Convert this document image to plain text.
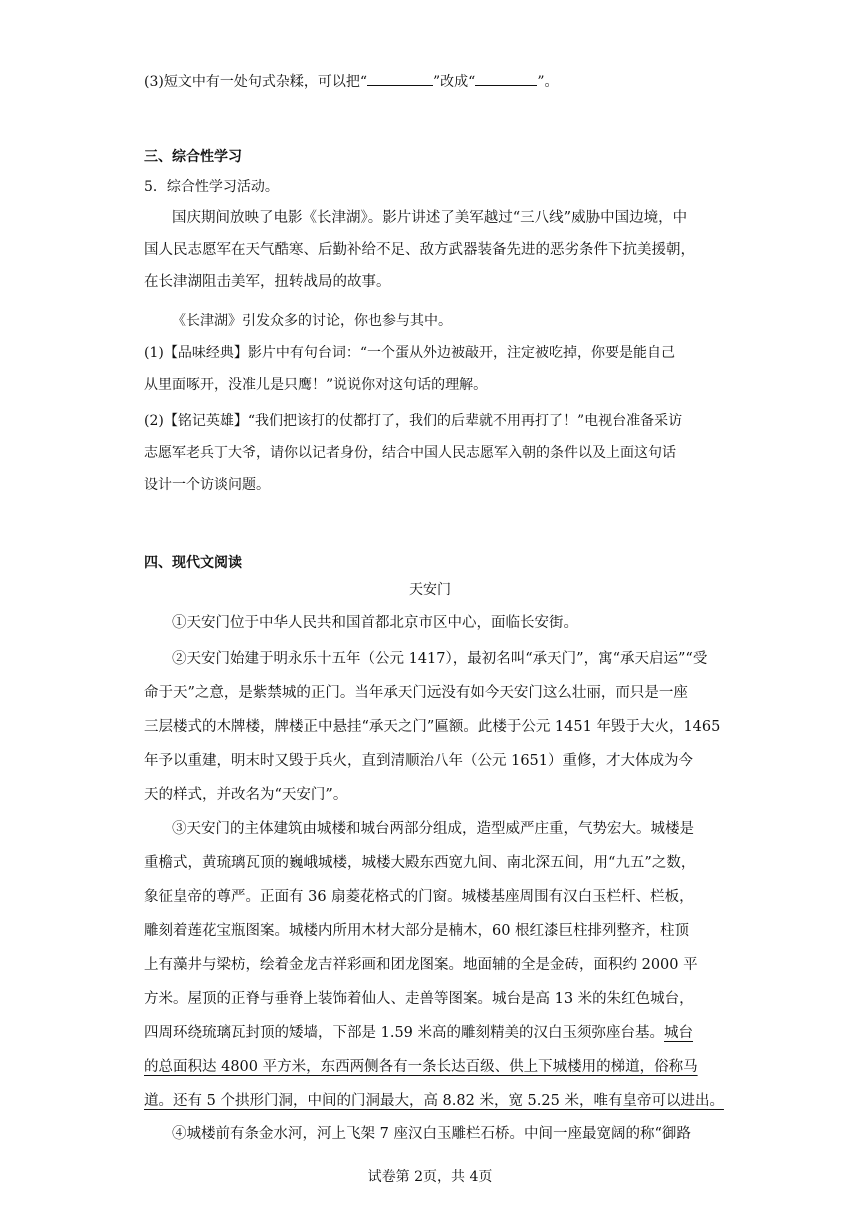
(3)短文中有一处句式杂糅，可以把“	”改成“	”。
三、综合性学习
5．综合性学习活动。
国庆期间放映了电影《长津湖》。影片讲述了美军越过“三八线”威胁中国边境，中
国人民志愿军在天气酷寒、后勤补给不足、敌方武器装备先进的恶劣条件下抗美援朝，
在长津湖阻击美军，扭转战局的故事。
《长津湖》引发众多的讨论，你也参与其中。
(1)【品味经典】影片中有句台词：“一个蛋从外边被敲开，注定被吃掉，你要是能自己
从里面啄开，没准儿是只鹰！”说说你对这句话的理解。
(2)【铭记英雄】“我们把该打的仗都打了，我们的后辈就不用再打了！”电视台准备采访
志愿军老兵丁大爷，请你以记者身份，结合中国人民志愿军入朝的条件以及上面这句话
设计一个访谈问题。
四、现代文阅读
天安门
①天安门位于中华人民共和国首都北京市区中心，面临长安街。
②天安门始建于明永乐十五年（公元 1417），最初名叫“承天门”，寓“承天启运”“受
命于天”之意，是紫禁城的正门。当年承天门远没有如今天安门这么壮丽，而只是一座
三层楼式的木牌楼，牌楼正中悬挂“承天之门”匾额。此楼于公元 1451 年毁于大火，1465
年予以重建，明末时又毁于兵火，直到清顺治八年（公元 1651）重修，才大体成为今
天的样式，并改名为“天安门”。
③天安门的主体建筑由城楼和城台两部分组成，造型威严庄重，气势宏大。城楼是
重檐式，黄琉璃瓦顶的巍峨城楼，城楼大殿东西宽九间、南北深五间，用“九五”之数，
象征皇帝的尊严。正面有 36 扇菱花格式的门窗。城楼基座周围有汉白玉栏杆、栏板，
雕刻着莲花宝瓶图案。城楼内所用木材大部分是楠木，60 根红漆巨柱排列整齐，柱顶
上有藻井与梁枋，绘着金龙吉祥彩画和团龙图案。地面辅的全是金砖，面积约 2000 平
方米。屋顶的正脊与垂脊上装饰着仙人、走兽等图案。城台是高 13 米的朱红色城台，
四周环绕琉璃瓦封顶的矮墙，下部是 1.59 米高的雕刻精美的汉白玉须弥座台基。城台
的总面积达 4800 平方米，东西两侧各有一条长达百级、供上下城楼用的梯道，俗称马
道。还有 5 个拱形门洞，中间的门洞最大，高 8.82 米，宽 5.25 米，唯有皇帝可以进出。
④城楼前有条金水河，河上飞架 7 座汉白玉雕栏石桥。中间一座最宽阔的称“御路
试卷第 2页，共 4页
